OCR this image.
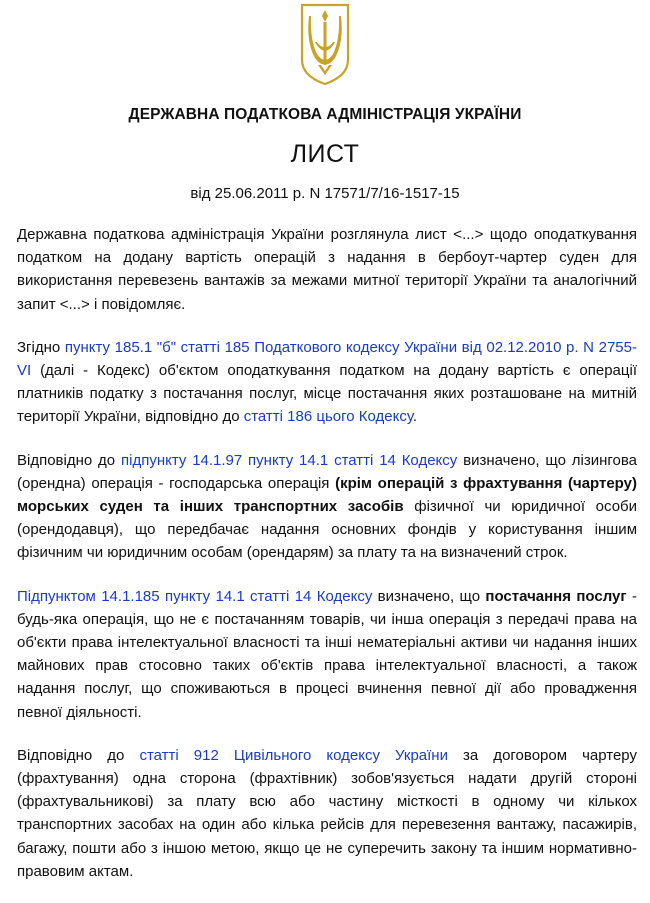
ДЕРЖАВНА ПОДАТКОВА АДМІНІСТРАЦІЯ УКРАЇНИ
ЛИСТ
від 25.06.2011 р. N 17571/7/16-1517-15

Державна податкова адміністрація України розглянула лист <...> щодо оподаткування податком на додану вартість операцій з надання в бербоут-чартер суден для використання перевезень вантажів за межами митної території України та аналогічний запит <...> і повідомляє.

Згідно пункту 185.1 "б" статті 185 Податкового кодексу України від 02.12.2010 р. N 2755-VI (далі - Кодекс) об'єктом оподаткування податком на додану вартість є операції платників податку з постачання послуг, місце постачання яких розташоване на митній території України, відповідно до статті 186 цього Кодексу.

Відповідно до підпункту 14.1.97 пункту 14.1 статті 14 Кодексу визначено, що лізингова (орендна) операція - господарська операція (крім операцій з фрахтування (чартеру) морських суден та інших транспортних засобів фізичної чи юридичної особи (орендодавця), що передбачає надання основних фондів у користування іншим фізичним чи юридичним особам (орендарям) за плату та на визначений строк.

Підпунктом 14.1.185 пункту 14.1 статті 14 Кодексу визначено, що постачання послуг - будь-яка операція, що не є постачанням товарів, чи інша операція з передачі права на об'єкти права інтелектуальної власності та інші нематеріальні активи чи надання інших майнових прав стосовно таких об'єктів права інтелектуальної власності, а також надання послуг, що споживаються в процесі вчинення певної дії або провадження певної діяльності.

Відповідно до статті 912 Цивільного кодексу України за договором чартеру (фрахтування) одна сторона (фрахтівник) зобов'язується надати другій стороні (фрахтувальникові) за плату всю або частину місткості в одному чи кількох транспортних засобах на один або кілька рейсів для перевезення вантажу, пасажирів, багажу, пошти або з іншою метою, якщо це не суперечить закону та іншим нормативно-правовим актам.
